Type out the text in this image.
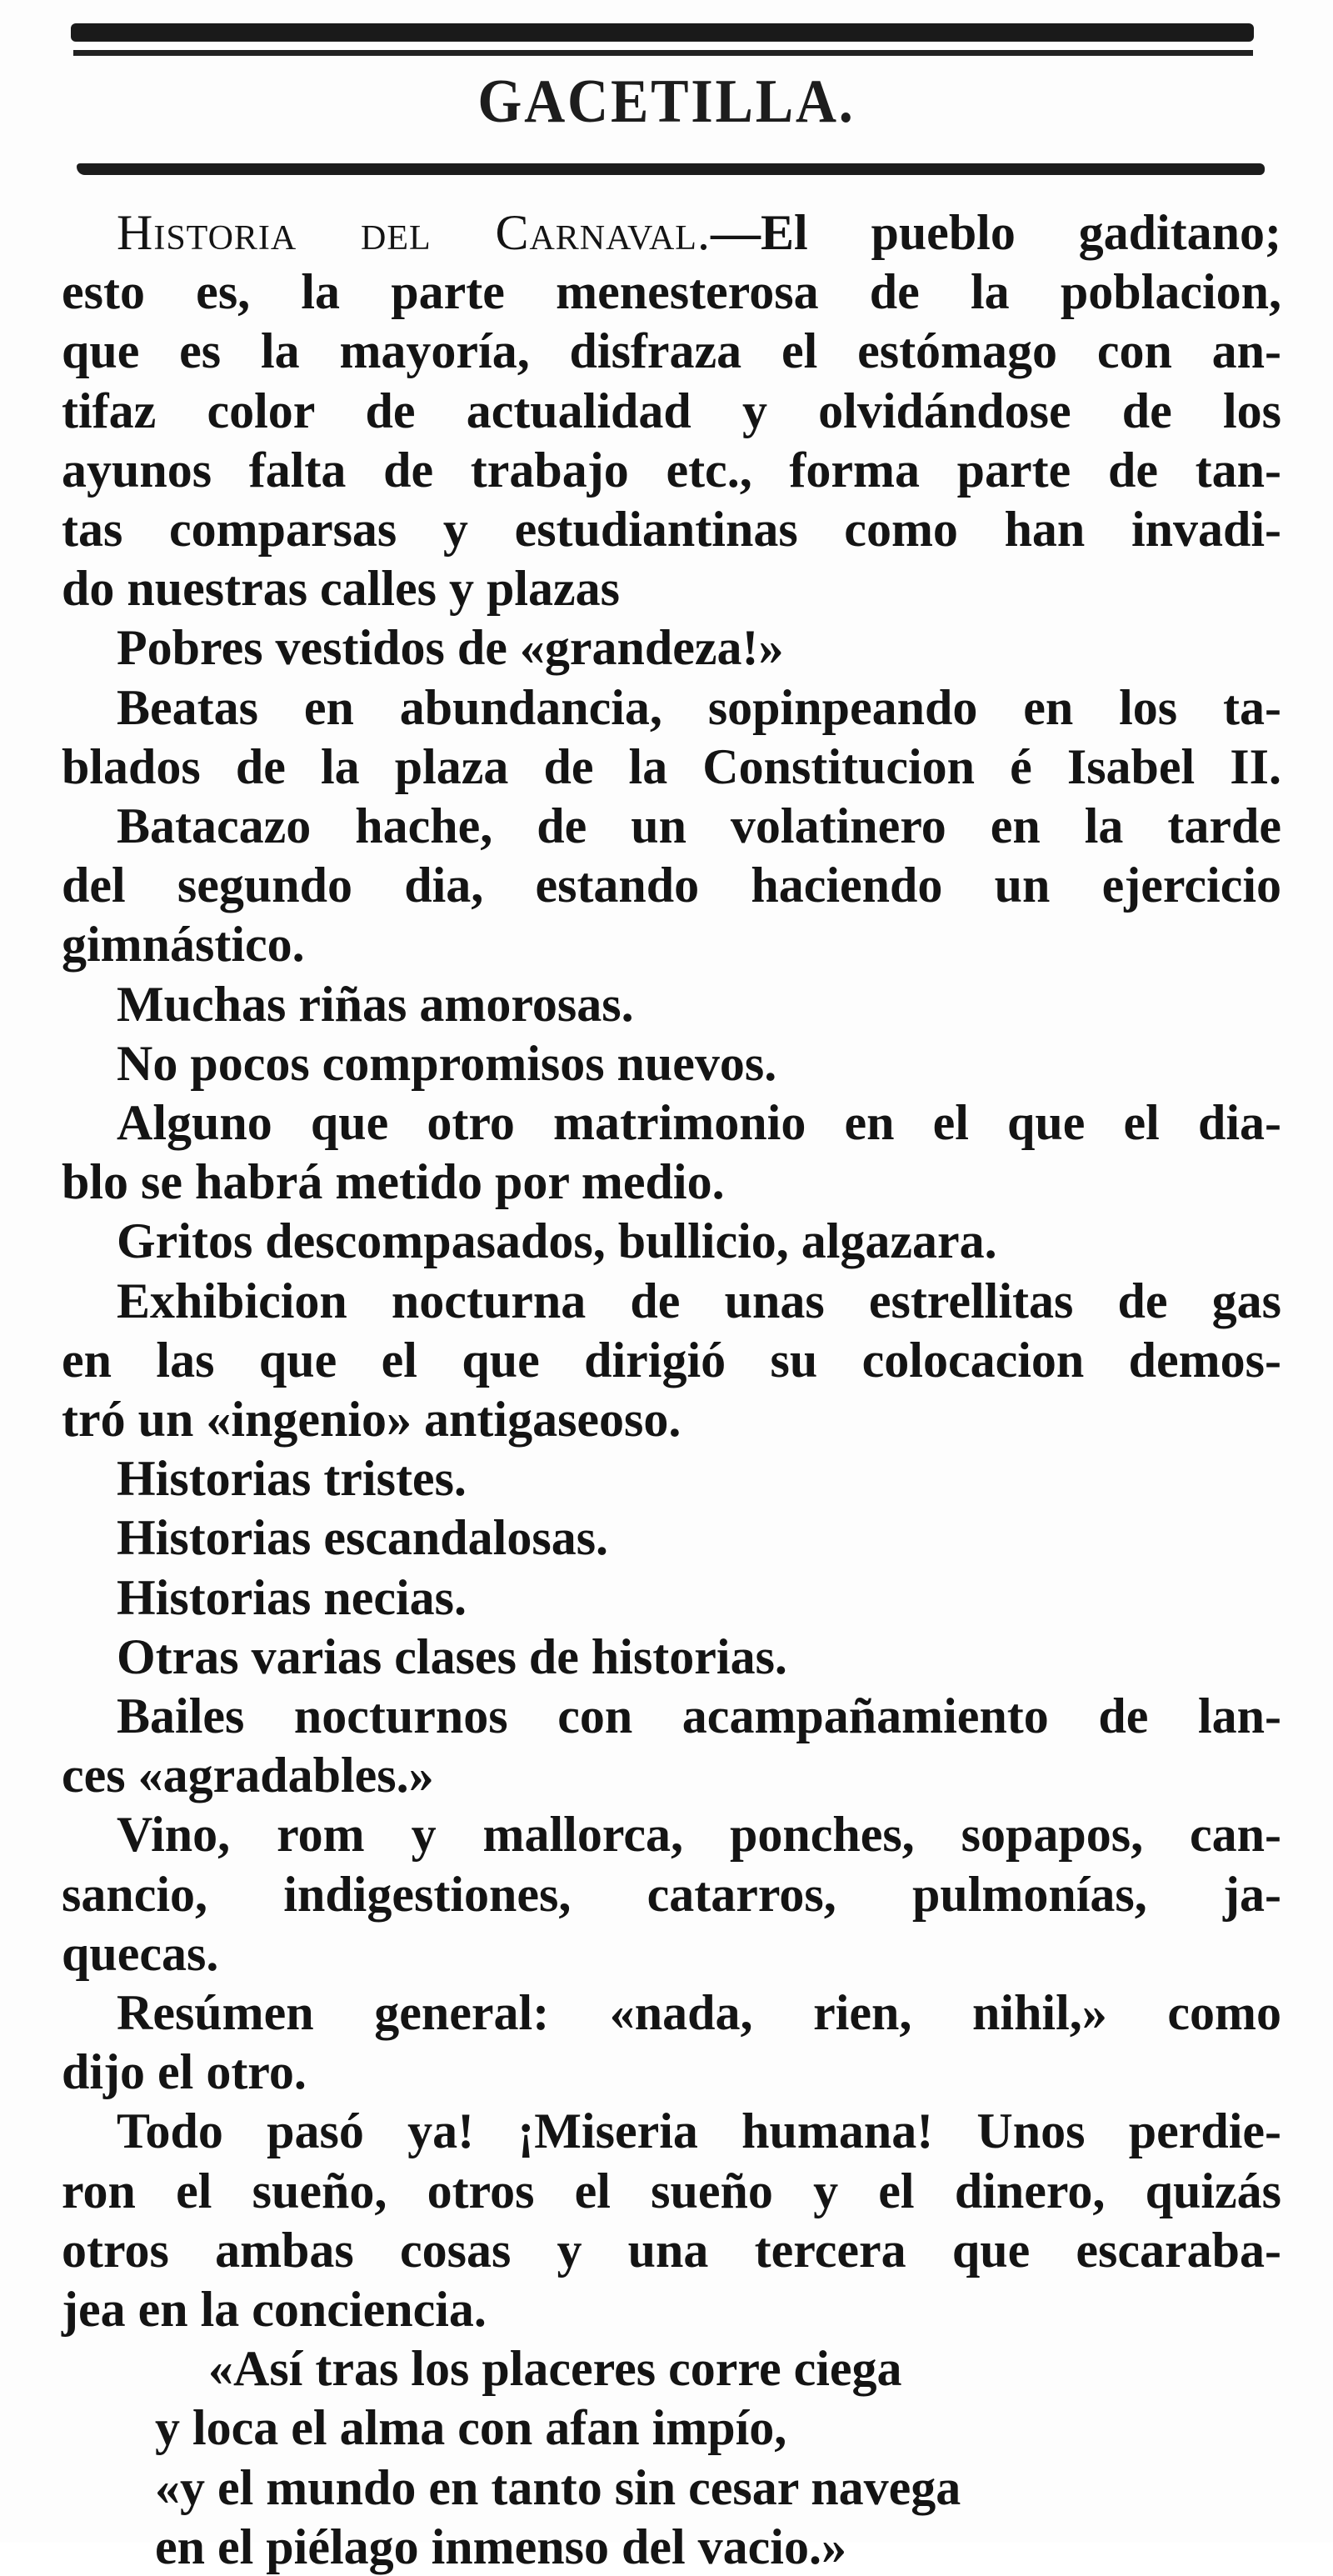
GACETILLA.
Historia del Carnaval.—El pueblo gaditano;
esto es, la parte menesterosa de la poblacion,
que es la mayoría, disfraza el estómago con an-
tifaz color de actualidad y olvidándose de los
ayunos falta de trabajo etc., forma parte de tan-
tas comparsas y estudiantinas como han invadi-
do nuestras calles y plazas
Pobres vestidos de «grandeza!»
Beatas en abundancia, sopinpeando en los ta-
blados de la plaza de la Constitucion é Isabel II.
Batacazo hache, de un volatinero en la tarde
del segundo dia, estando haciendo un ejercicio
gimnástico.
Muchas riñas amorosas.
No pocos compromisos nuevos.
Alguno que otro matrimonio en el que el dia-
blo se habrá metido por medio.
Gritos descompasados, bullicio, algazara.
Exhibicion nocturna de unas estrellitas de gas
en las que el que dirigió su colocacion demos-
tró un «ingenio» antigaseoso.
Historias tristes.
Historias escandalosas.
Historias necias.
Otras varias clases de historias.
Bailes nocturnos con acampañamiento de lan-
ces «agradables.»
Vino, rom y mallorca, ponches, sopapos, can-
sancio, indigestiones, catarros, pulmonías, ja-
quecas.
Resúmen general: «nada, rien, nihil,» como
dijo el otro.
Todo pasó ya! ¡Miseria humana! Unos perdie-
ron el sueño, otros el sueño y el dinero, quizás
otros ambas cosas y una tercera que escaraba-
jea en la conciencia.
«Así tras los placeres corre ciega
y loca el alma con afan impío,
«y el mundo en tanto sin cesar navega
en el piélago inmenso del vacio.»
